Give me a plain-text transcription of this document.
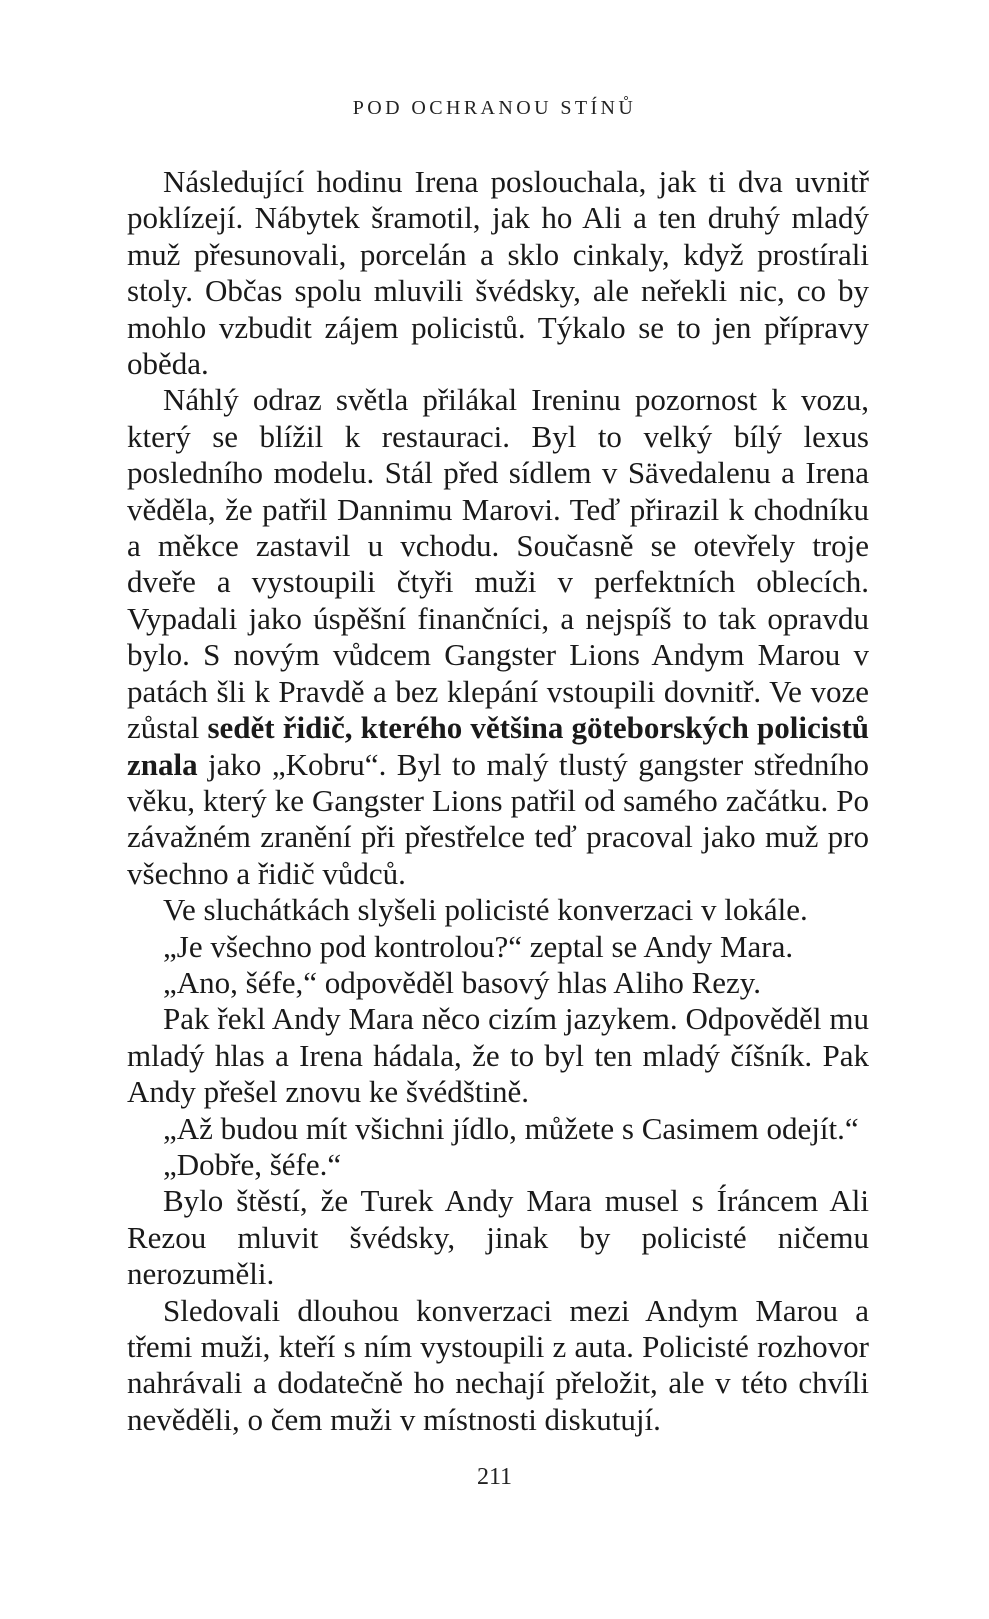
POD OCHRANOU STÍNŮ

Následující hodinu Irena poslouchala, jak ti dva uvnitř poklízejí. Nábytek šramotil, jak ho Ali a ten druhý mladý muž přesunovali, porcelán a sklo cinkaly, když prostírali stoly. Občas spolu mluvili švédsky, ale neřekli nic, co by mohlo vzbudit zájem policistů. Týkalo se to jen přípravy oběda.

Náhlý odraz světla přilákal Ireninu pozornost k vozu, který se blížil k restauraci. Byl to velký bílý lexus posledního modelu. Stál před sídlem v Sävedalenu a Irena věděla, že patřil Dannimu Marovi. Teď přirazil k chodníku a měkce zastavil u vchodu. Současně se otevřely troje dveře a vystoupili čtyři muži v perfektních oblecích. Vypadali jako úspěšní finančníci, a nejspíš to tak opravdu bylo. S novým vůdcem Gangster Lions Andym Marou v patách šli k Pravdě a bez klepání vstoupili dovnitř. Ve voze zůstal sedět řidič, kterého většina göteborských policistů znala jako „Kobru“. Byl to malý tlustý gangster středního věku, který ke Gangster Lions patřil od samého začátku. Po závažném zranění při přestřelce teď pracoval jako muž pro všechno a řidič vůdců.

Ve sluchátkách slyšeli policisté konverzaci v lokále.

„Je všechno pod kontrolou?“ zeptal se Andy Mara.

„Ano, šéfe,“ odpověděl basový hlas Aliho Rezy.

Pak řekl Andy Mara něco cizím jazykem. Odpověděl mu mladý hlas a Irena hádala, že to byl ten mladý číšník. Pak Andy přešel znovu ke švédštině.

„Až budou mít všichni jídlo, můžete s Casimem odejít.“

„Dobře, šéfe.“

Bylo štěstí, že Turek Andy Mara musel s Íráncem Ali Rezou mluvit švédsky, jinak by policisté ničemu nerozuměli.

Sledovali dlouhou konverzaci mezi Andym Marou a třemi muži, kteří s ním vystoupili z auta. Policisté rozhovor nahrávali a dodatečně ho nechají přeložit, ale v této chvíli nevěděli, o čem muži v místnosti diskutují.

211
